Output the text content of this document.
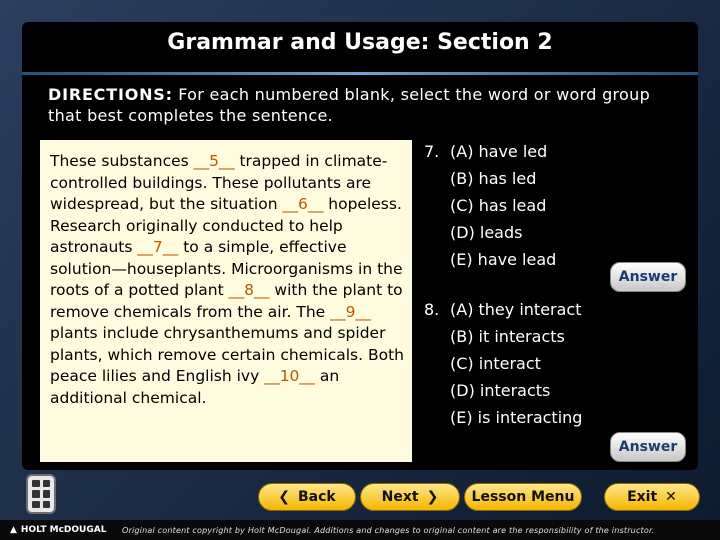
Grammar and Usage: Section 2
DIRECTIONS: For each numbered blank, select the word or word group that best completes the sentence.
These substances __5__ trapped in climate-controlled buildings. These pollutants are widespread, but the situation __6__ hopeless. Research originally conducted to help astronauts __7__ to a simple, effective solution—houseplants. Microorganisms in the roots of a potted plant __8__ with the plant to remove chemicals from the air. The __9__ plants include chrysanthemums and spider plants, which remove certain chemicals. Both peace lilies and English ivy __10__ an additional chemical.
7. (A) have led
(B) has led
(C) has lead
(D) leads
(E) have lead
8. (A) they interact
(B) it interacts
(C) interact
(D) interacts
(E) is interacting
Answer
Answer
❮ Back	Next ❯ Lesson Menu	Exit ✕
▲ HOLT McDOUGAL Original content copyright by Holt McDougal. Additions and changes to original content are the responsibility of the instructor.
